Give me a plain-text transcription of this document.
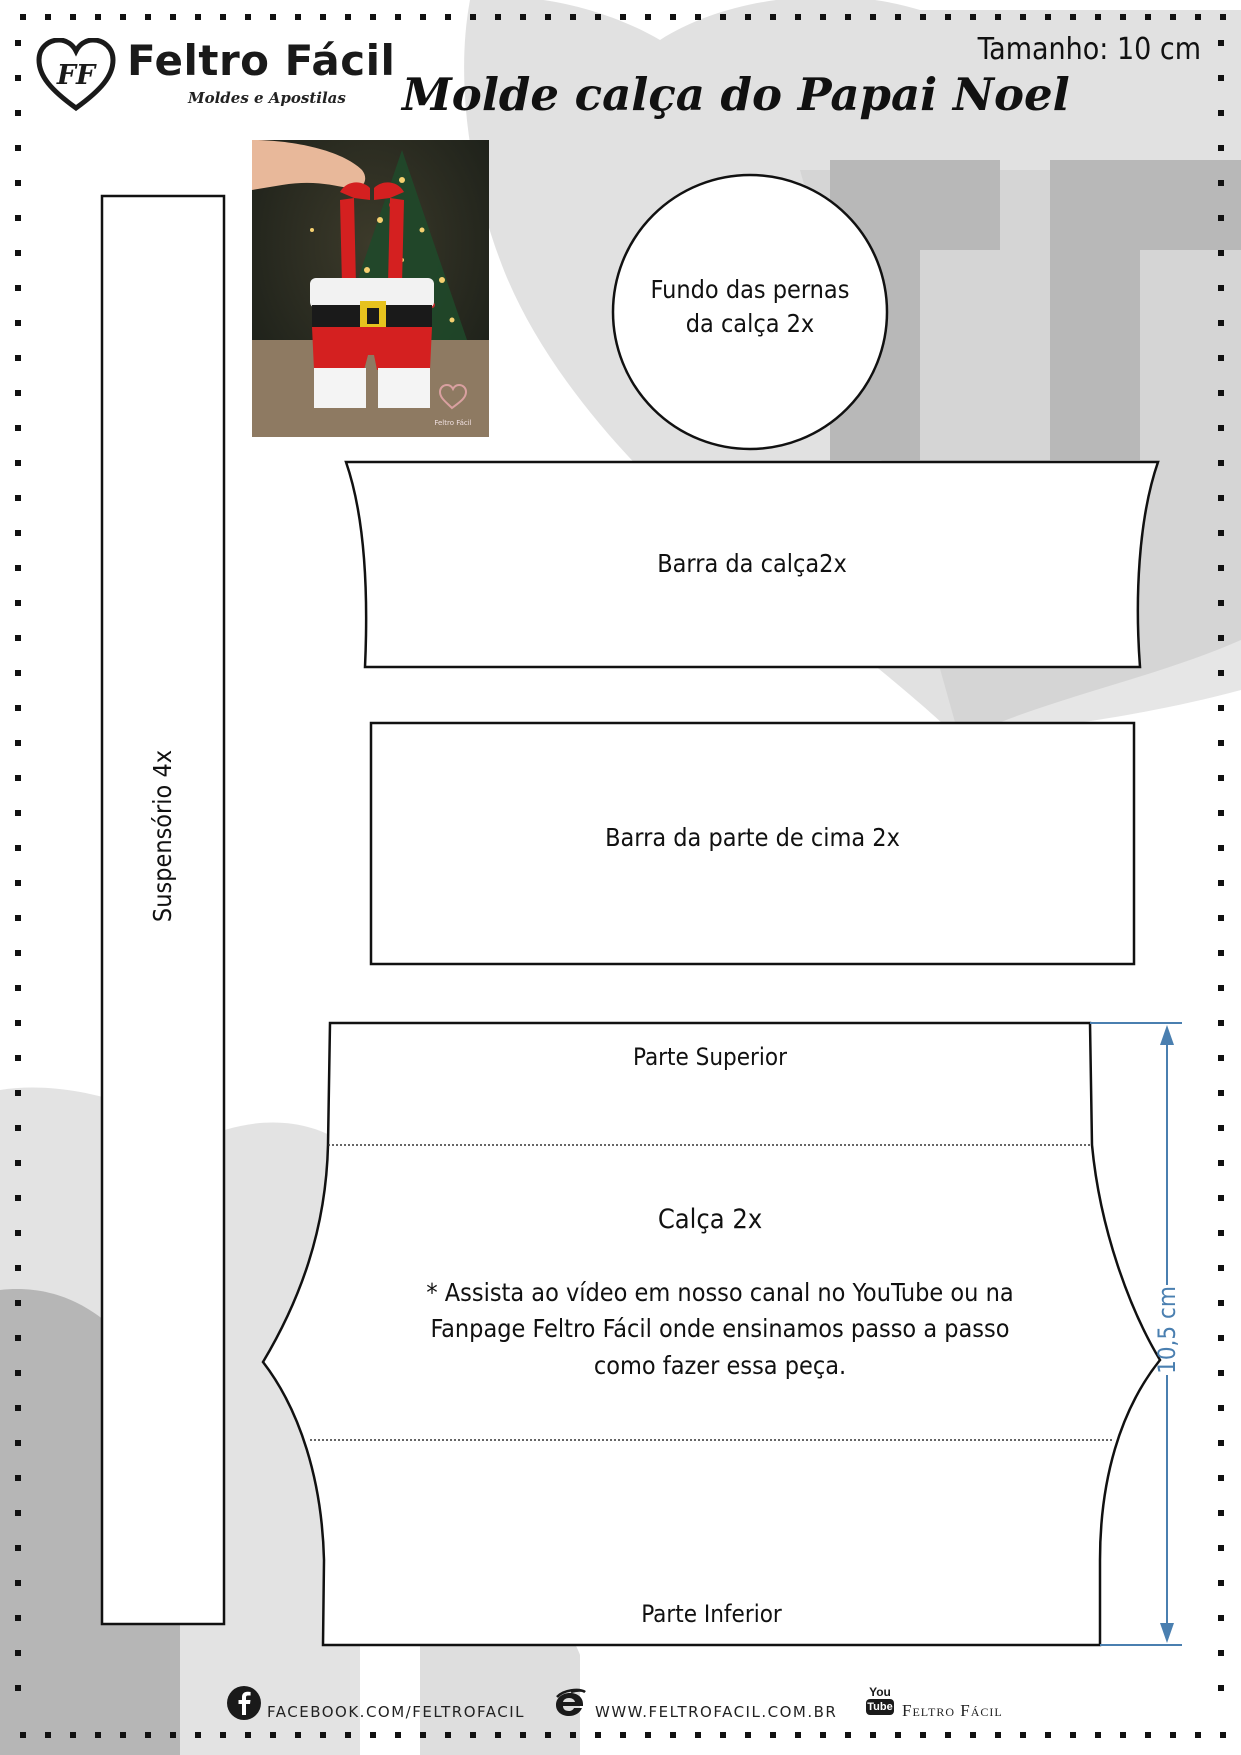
FF Feltro Fácil
Moldes e Apostilas Molde calça do Papai Noel
Tamanho: 10 cm
Feltro Fácil
Fundo das pernas
da calça 2x
Barra da calça2x
Barra da parte de cima 2x
Suspensório 4x
Parte Superior
Calça 2x
* Assista ao vídeo em nosso canal no YouTube ou na
Fanpage Feltro Fácil onde ensinamos passo a passo
como fazer essa peça.
Parte Inferior
10,5 cm
FACEBOOK.COM/FELTROFACIL	WWW.FELTROFACIL.COM.BR
You
Tube Feltro Fácil
